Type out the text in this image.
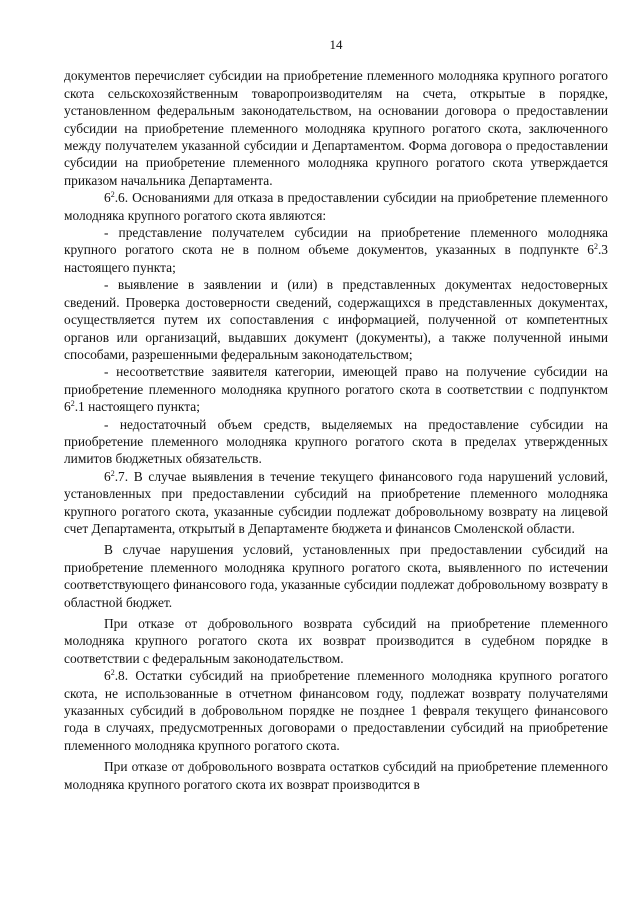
14

документов перечисляет субсидии на приобретение племенного молодняка крупного рогатого скота сельскохозяйственным товаропроизводителям на счета, открытые в порядке, установленном федеральным законодательством, на основании договора о предоставлении субсидии на приобретение племенного молодняка крупного рогатого скота, заключенного между получателем указанной субсидии и Департаментом. Форма договора о предоставлении субсидии на приобретение племенного молодняка крупного рогатого скота утверждается приказом начальника Департамента.

$6^2.6$. Основаниями для отказа в предоставлении субсидии на приобретение племенного молодняка крупного рогатого скота являются:

- представление получателем субсидии на приобретение племенного молодняка крупного рогатого скота не в полном объеме документов, указанных в подпункте $6^2.3$ настоящего пункта;

- выявление в заявлении и (или) в представленных документах недостоверных сведений. Проверка достоверности сведений, содержащихся в представленных документах, осуществляется путем их сопоставления с информацией, полученной от компетентных органов или организаций, выдавших документ (документы), а также полученной иными способами, разрешенными федеральным законодательством;

- несоответствие заявителя категории, имеющей право на получение субсидии на приобретение племенного молодняка крупного рогатого скота в соответствии с подпунктом $6^2.1$ настоящего пункта;

- недостаточный объем средств, выделяемых на предоставление субсидии на приобретение племенного молодняка крупного рогатого скота в пределах утвержденных лимитов бюджетных обязательств.

$6^2.7$. В случае выявления в течение текущего финансового года нарушений условий, установленных при предоставлении субсидий на приобретение племенного молодняка крупного рогатого скота, указанные субсидии подлежат добровольному возврату на лицевой счет Департамента, открытый в Департаменте бюджета и финансов Смоленской области.

В случае нарушения условий, установленных при предоставлении субсидий на приобретение племенного молодняка крупного рогатого скота, выявленного по истечении соответствующего финансового года, указанные субсидии подлежат добровольному возврату в областной бюджет.

При отказе от добровольного возврата субсидий на приобретение племенного молодняка крупного рогатого скота их возврат производится в судебном порядке в соответствии с федеральным законодательством.

$6^2.8$. Остатки субсидий на приобретение племенного молодняка крупного рогатого скота, не использованные в отчетном финансовом году, подлежат возврату получателями указанных субсидий в добровольном порядке не позднее 1 февраля текущего финансового года в случаях, предусмотренных договорами о предоставлении субсидий на приобретение племенного молодняка крупного рогатого скота.

При отказе от добровольного возврата остатков субсидий на приобретение племенного молодняка крупного рогатого скота их возврат производится в
